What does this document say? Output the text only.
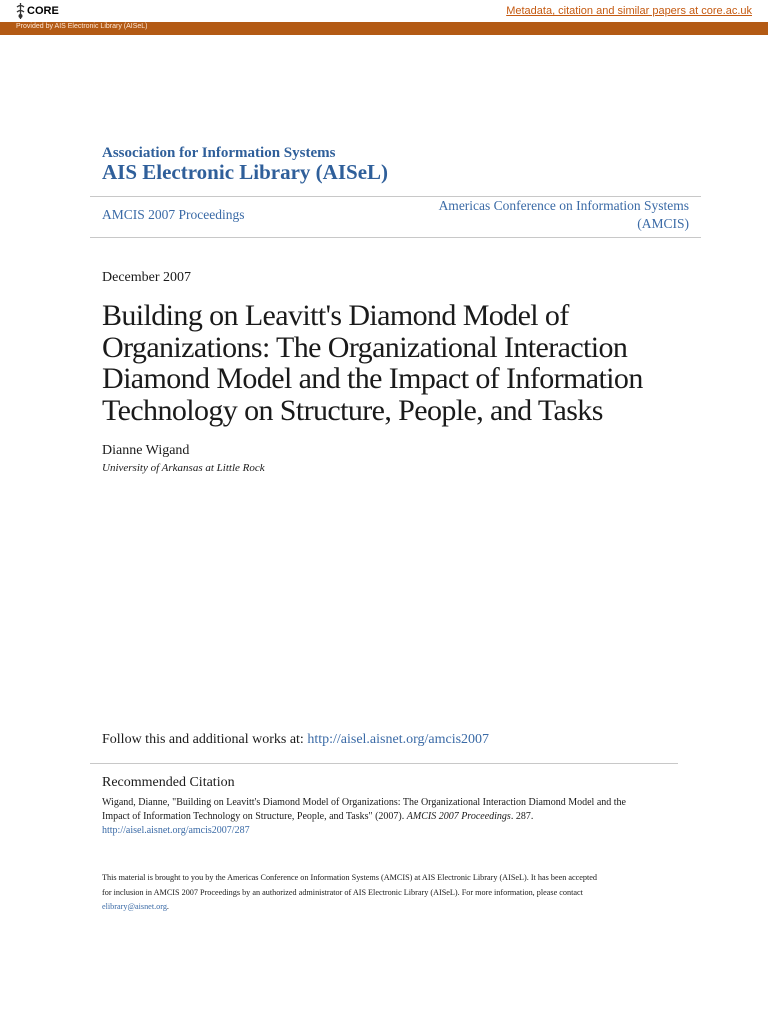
CORE	Metadata, citation and similar papers at core.ac.uk
Provided by AIS Electronic Library (AISeL)
Association for Information Systems
AIS Electronic Library (AISeL)
AMCIS 2007 Proceedings
Americas Conference on Information Systems
(AMCIS)
December 2007
Building on Leavitt's Diamond Model of
Organizations: The Organizational Interaction
Diamond Model and the Impact of Information
Technology on Structure, People, and Tasks
Dianne Wigand
University of Arkansas at Little Rock
Follow this and additional works at: http://aisel.aisnet.org/amcis2007
Recommended Citation
Wigand, Dianne, "Building on Leavitt's Diamond Model of Organizations: The Organizational Interaction Diamond Model and the
Impact of Information Technology on Structure, People, and Tasks" (2007). AMCIS 2007 Proceedings. 287.
http://aisel.aisnet.org/amcis2007/287
This material is brought to you by the Americas Conference on Information Systems (AMCIS) at AIS Electronic Library (AISeL). It has been accepted
for inclusion in AMCIS 2007 Proceedings by an authorized administrator of AIS Electronic Library (AISeL). For more information, please contact
elibrary@aisnet.org.
